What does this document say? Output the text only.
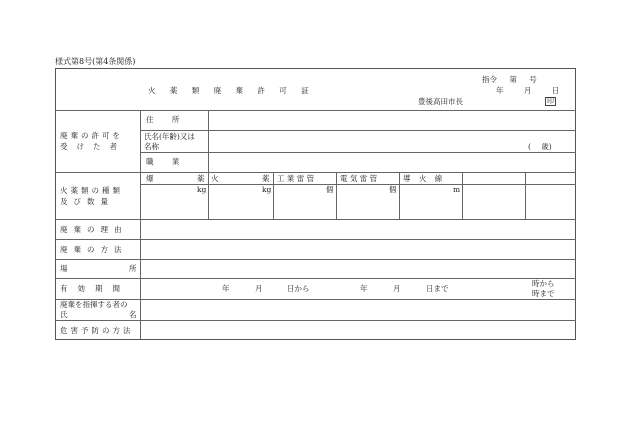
様式第8号(第4条関係)
火 薬 類 廃 棄 許 可 証
指令 第 号
年 月 日
豊後高田市長	印
廃棄の許可を
受けた者
住 所
氏名(年齢)又は
名称	( 歳)
職 業
火薬類の種類
及び数量
爆	薬 火	薬 工 業 雷 管	電 気 雷 管	導 火 線
kg	kg	個	個	m
廃棄の理由
廃棄の方法
場	所
有効期間	年	月	日から	年	月	日まで
時から
時まで
廃棄を指揮する者の
氏	名
危害予防の方法
